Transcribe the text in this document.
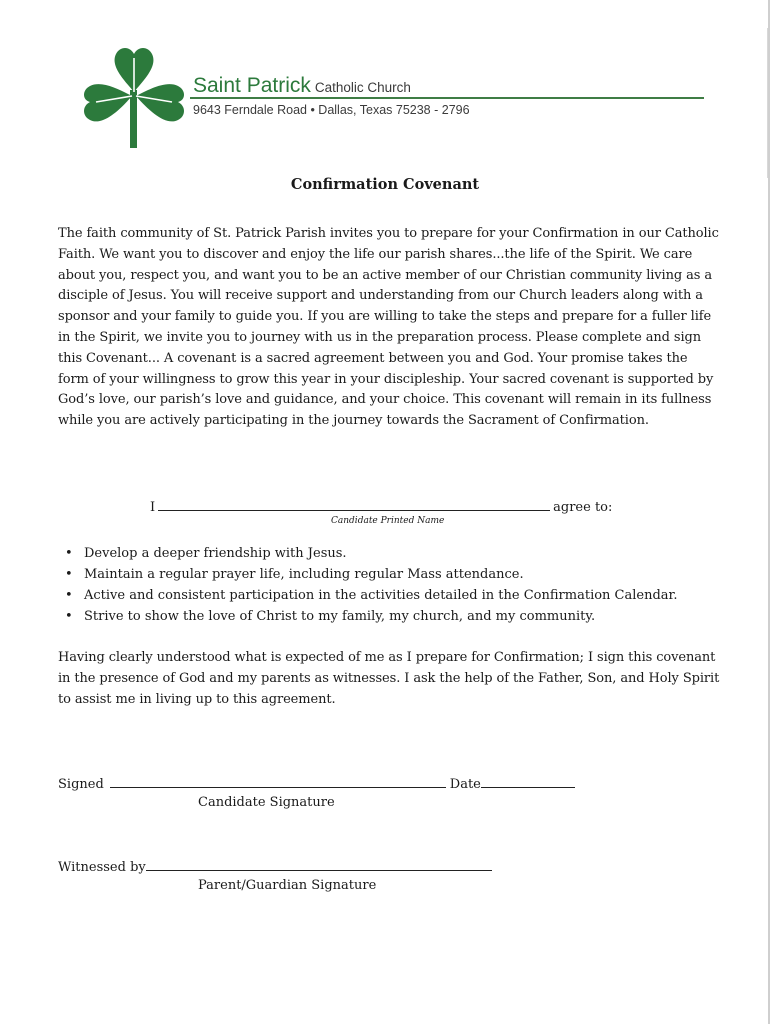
Saint Patrick Catholic Church
9643 Ferndale Road • Dallas, Texas 75238 - 2796
Confirmation Covenant

The faith community of St. Patrick Parish invites you to prepare for your Confirmation in our Catholic Faith. We want you to discover and enjoy the life our parish shares...the life of the Spirit. We care about you, respect you, and want you to be an active member of our Christian community living as a disciple of Jesus. You will receive support and understanding from our Church leaders along with a sponsor and your family to guide you. If you are willing to take the steps and prepare for a fuller life in the Spirit, we invite you to journey with us in the preparation process. Please complete and sign this Covenant... A covenant is a sacred agreement between you and God. Your promise takes the form of your willingness to grow this year in your discipleship. Your sacred covenant is supported by God’s love, our parish’s love and guidance, and your choice. This covenant will remain in its fullness while you are actively participating in the journey towards the Sacrament of Confirmation.

I	agree to:
Candidate Printed Name
• Develop a deeper friendship with Jesus.
• Maintain a regular prayer life, including regular Mass attendance.
• Active and consistent participation in the activities detailed in the Confirmation Calendar.
• Strive to show the love of Christ to my family, my church, and my community.

Having clearly understood what is expected of me as I prepare for Confirmation; I sign this covenant in the presence of God and my parents as witnesses. I ask the help of the Father, Son, and Holy Spirit to assist me in living up to this agreement.

Signed	Date
Candidate Signature
Witnessed by
Parent/Guardian Signature
